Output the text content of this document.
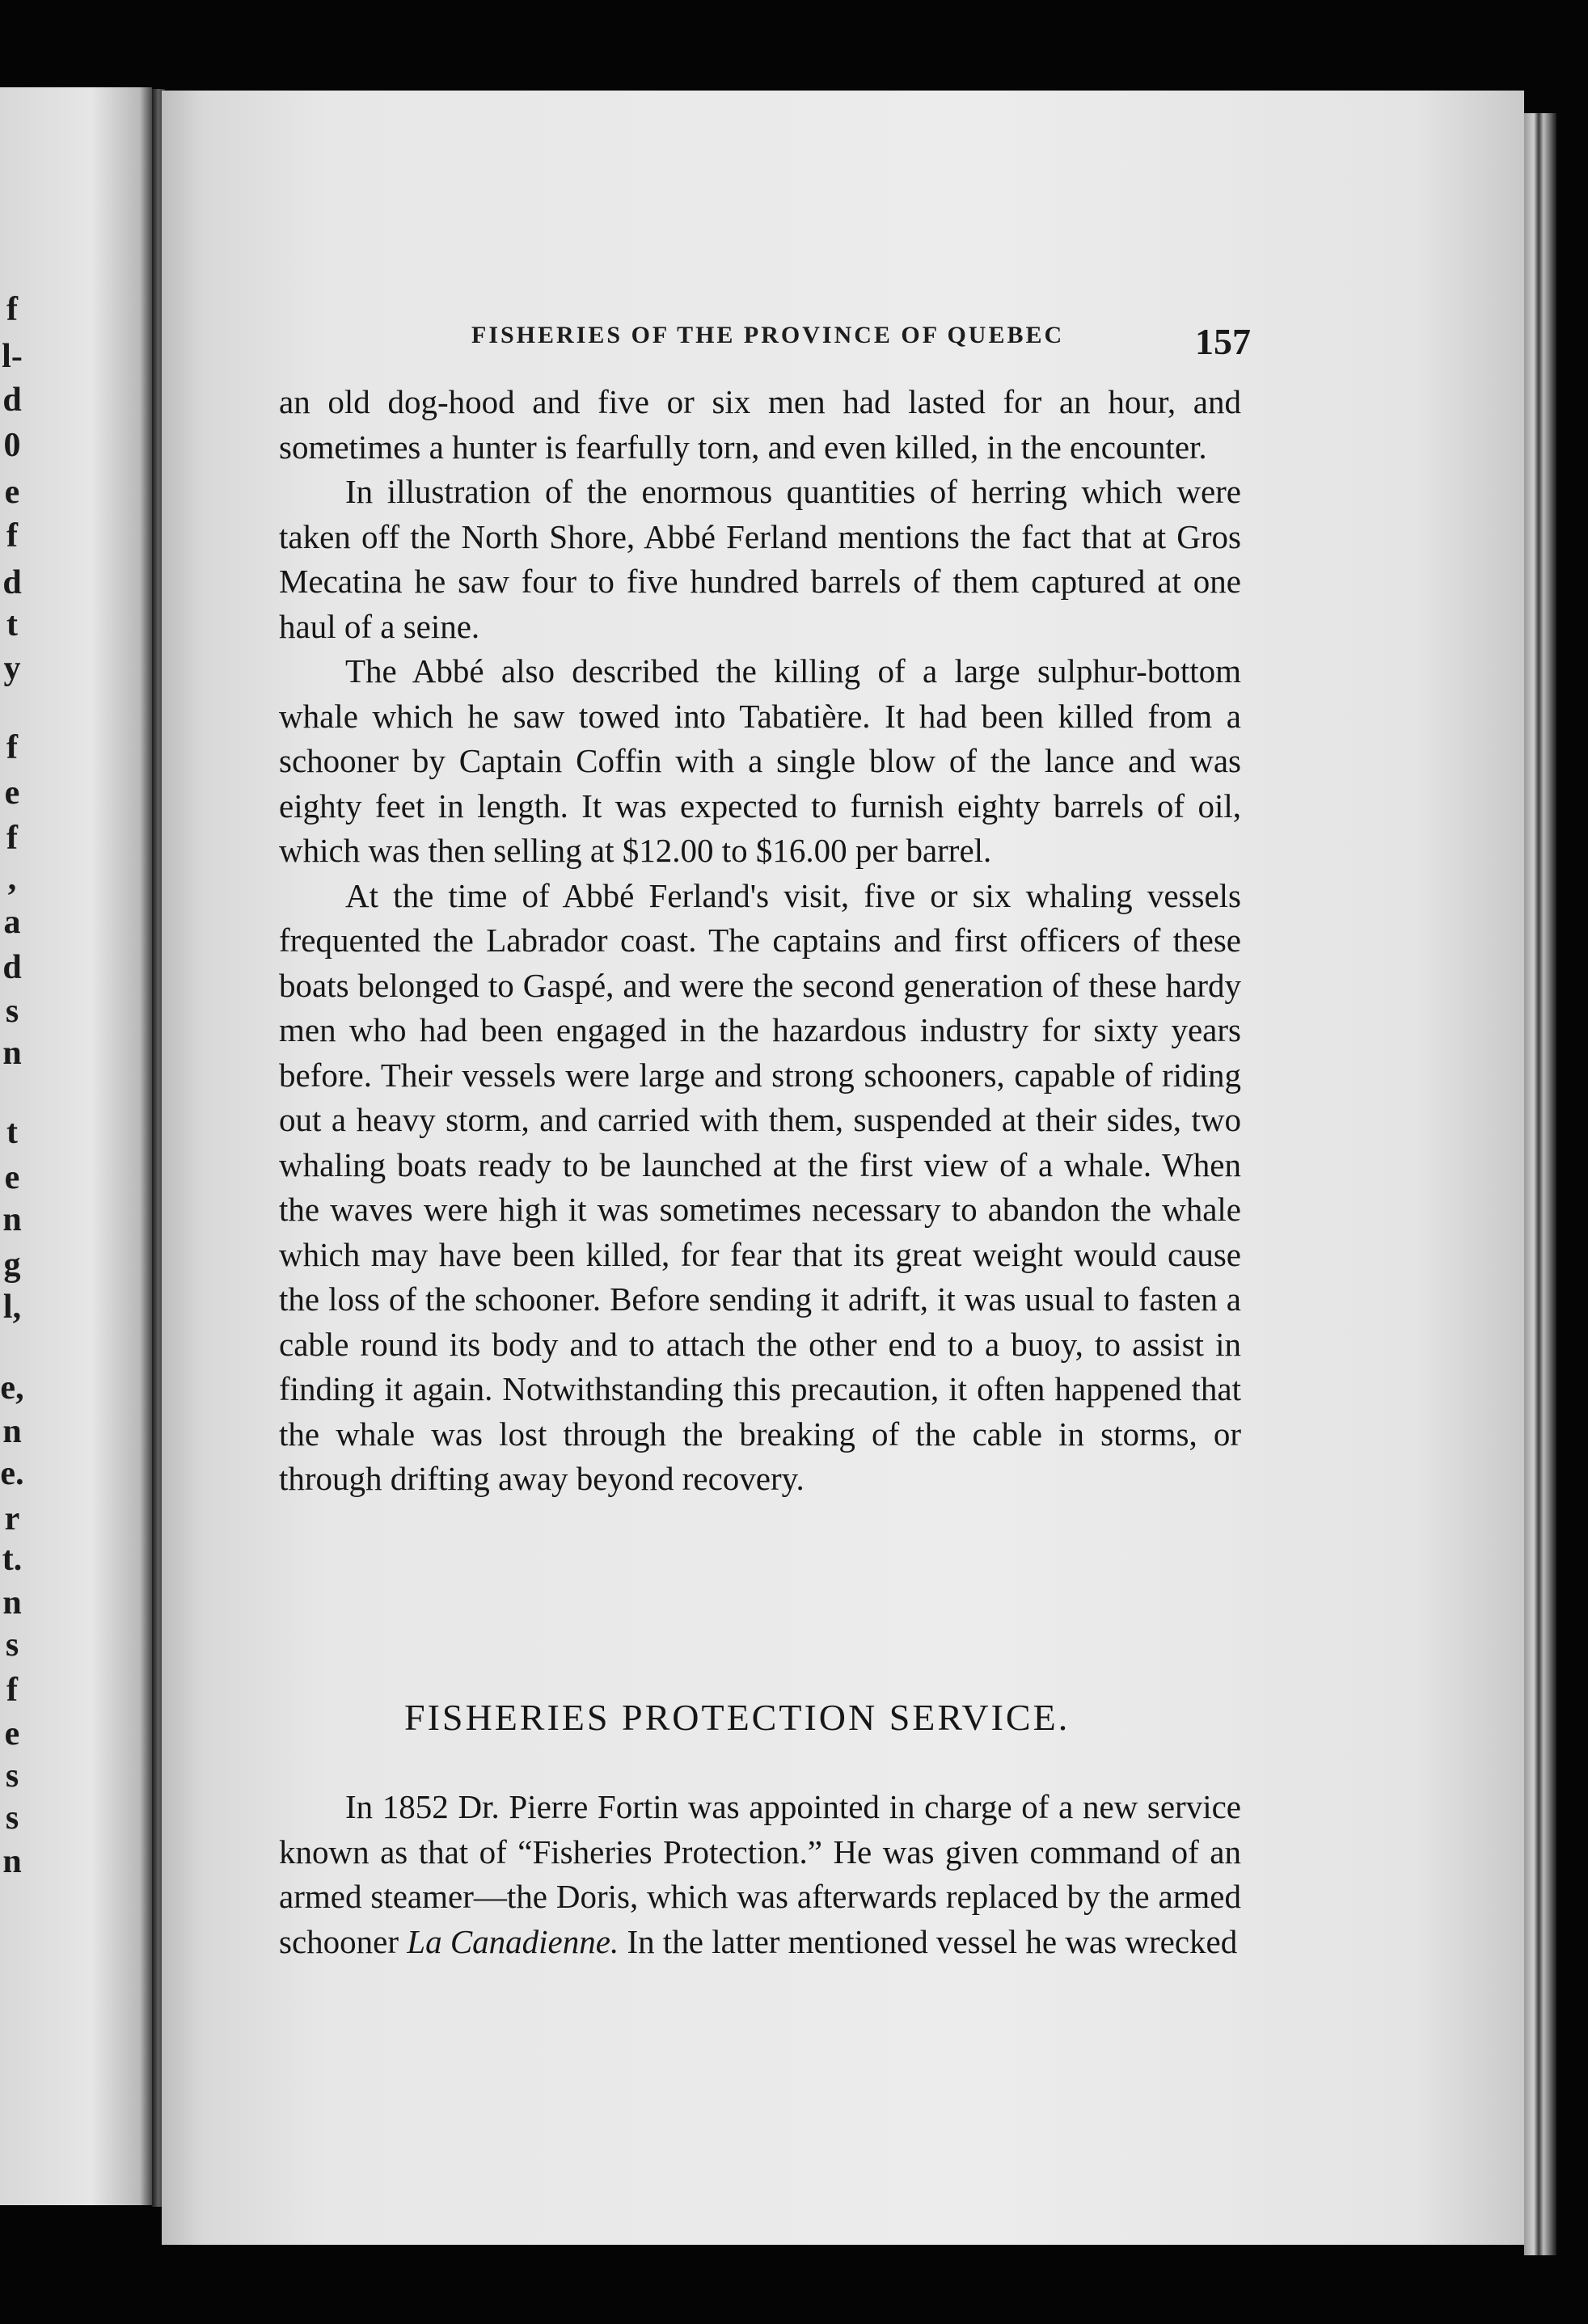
f
l-
d
0
e
f
d
t
y
f
e
f
,
a
d
s
n
t
e
n
g
l,
e,
n
e.
r
t.
n
s
f
e
s
s
n
FISHERIES OF THE PROVINCE OF QUEBEC	157

an old dog-hood and five or six men had lasted for an hour, and sometimes a hunter is fearfully torn, and even killed, in the encounter.

In illustration of the enormous quantities of herring which were taken off the North Shore, Abbé Ferland mentions the fact that at Gros Mecatina he saw four to five hundred barrels of them captured at one haul of a seine.

The Abbé also described the killing of a large sulphur-bottom whale which he saw towed into Tabatière. It had been killed from a schooner by Captain Coffin with a single blow of the lance and was eighty feet in length. It was expected to furnish eighty barrels of oil, which was then selling at $12.00 to $16.00 per barrel.

At the time of Abbé Ferland's visit, five or six whaling vessels frequented the Labrador coast. The captains and first officers of these boats belonged to Gaspé, and were the second generation of these hardy men who had been engaged in the hazardous industry for sixty years before. Their vessels were large and strong schooners, capable of riding out a heavy storm, and carried with them, suspended at their sides, two whaling boats ready to be launched at the first view of a whale. When the waves were high it was sometimes necessary to abandon the whale which may have been killed, for fear that its great weight would cause the loss of the schooner. Before sending it adrift, it was usual to fasten a cable round its body and to attach the other end to a buoy, to assist in finding it again. Notwithstanding this precaution, it often happened that the whale was lost through the breaking of the cable in storms, or through drifting away beyond recovery.

FISHERIES PROTECTION SERVICE.

In 1852 Dr. Pierre Fortin was appointed in charge of a new service known as that of “Fisheries Protection.” He was given command of an armed steamer—the Doris, which was afterwards replaced by the armed schooner La Canadienne. In the latter mentioned vessel he was wrecked
